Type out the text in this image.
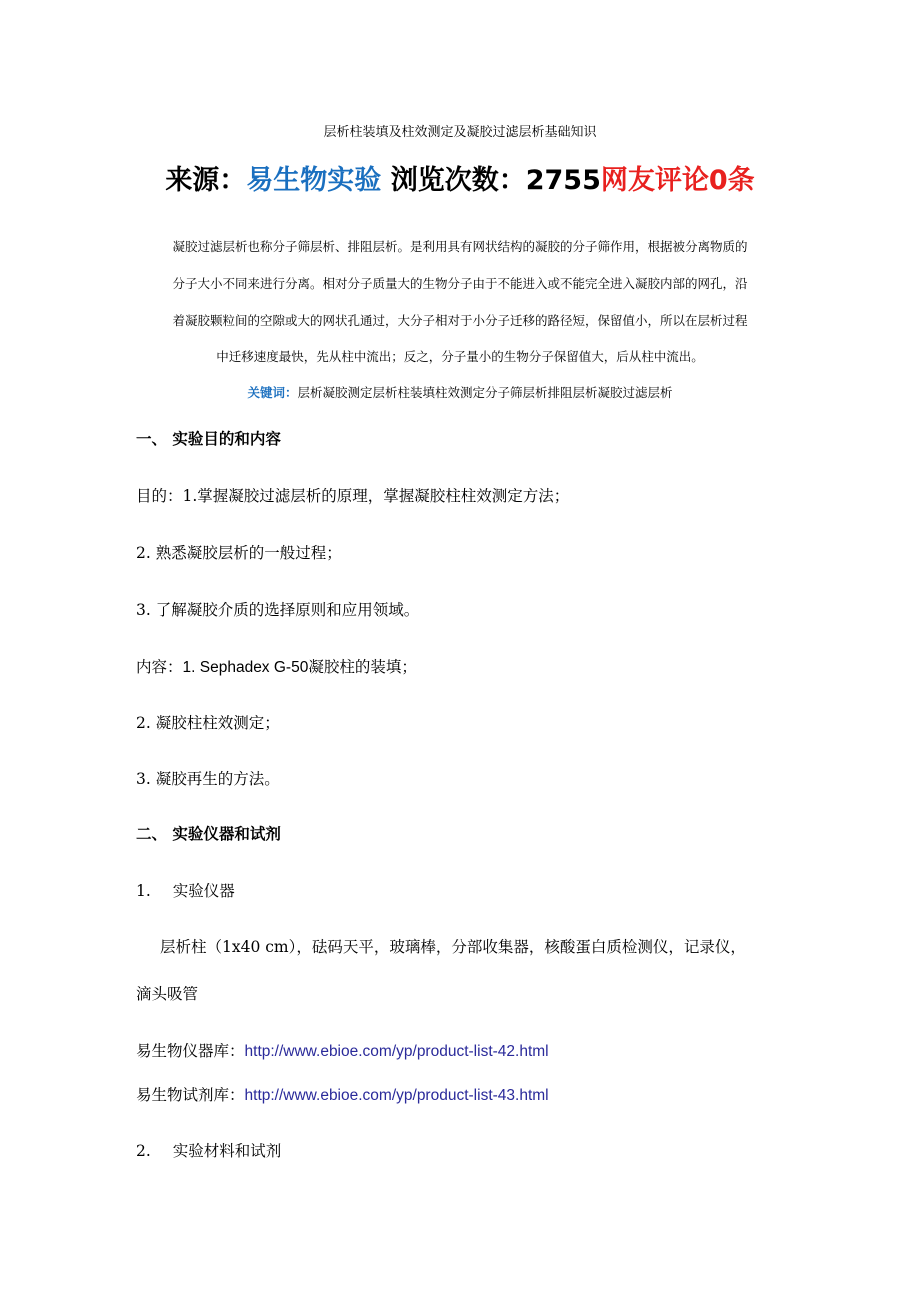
层析柱装填及柱效测定及凝胶过滤层析基础知识
来源：易生物实验 浏览次数：2755网友评论0条
凝胶过滤层析也称分子筛层析、排阻层析。是利用具有网状结构的凝胶的分子筛作用，根据被分离物质的
分子大小不同来进行分离。相对分子质量大的生物分子由于不能进入或不能完全进入凝胶内部的网孔，沿
着凝胶颗粒间的空隙或大的网状孔通过，大分子相对于小分子迁移的路径短，保留值小，所以在层析过程
中迁移速度最快，先从柱中流出；反之，分子量小的生物分子保留值大，后从柱中流出。
关键词：层析凝胶测定层析柱装填柱效测定分子筛层析排阻层析凝胶过滤层析
一、 实验目的和内容
目的：1.掌握凝胶过滤层析的原理，掌握凝胶柱柱效测定方法；
2. 熟悉凝胶层析的一般过程；
3. 了解凝胶介质的选择原则和应用领域。
内容：1. Sephadex G-50凝胶柱的装填；
2. 凝胶柱柱效测定；
3. 凝胶再生的方法。
二、 实验仪器和试剂
1. 实验仪器
层析柱（1x40 cm），砝码天平，玻璃棒，分部收集器，核酸蛋白质检测仪，记录仪，
滴头吸管
易生物仪器库：http://www.ebioe.com/yp/product-list-42.html
易生物试剂库：http://www.ebioe.com/yp/product-list-43.html
2. 实验材料和试剂
